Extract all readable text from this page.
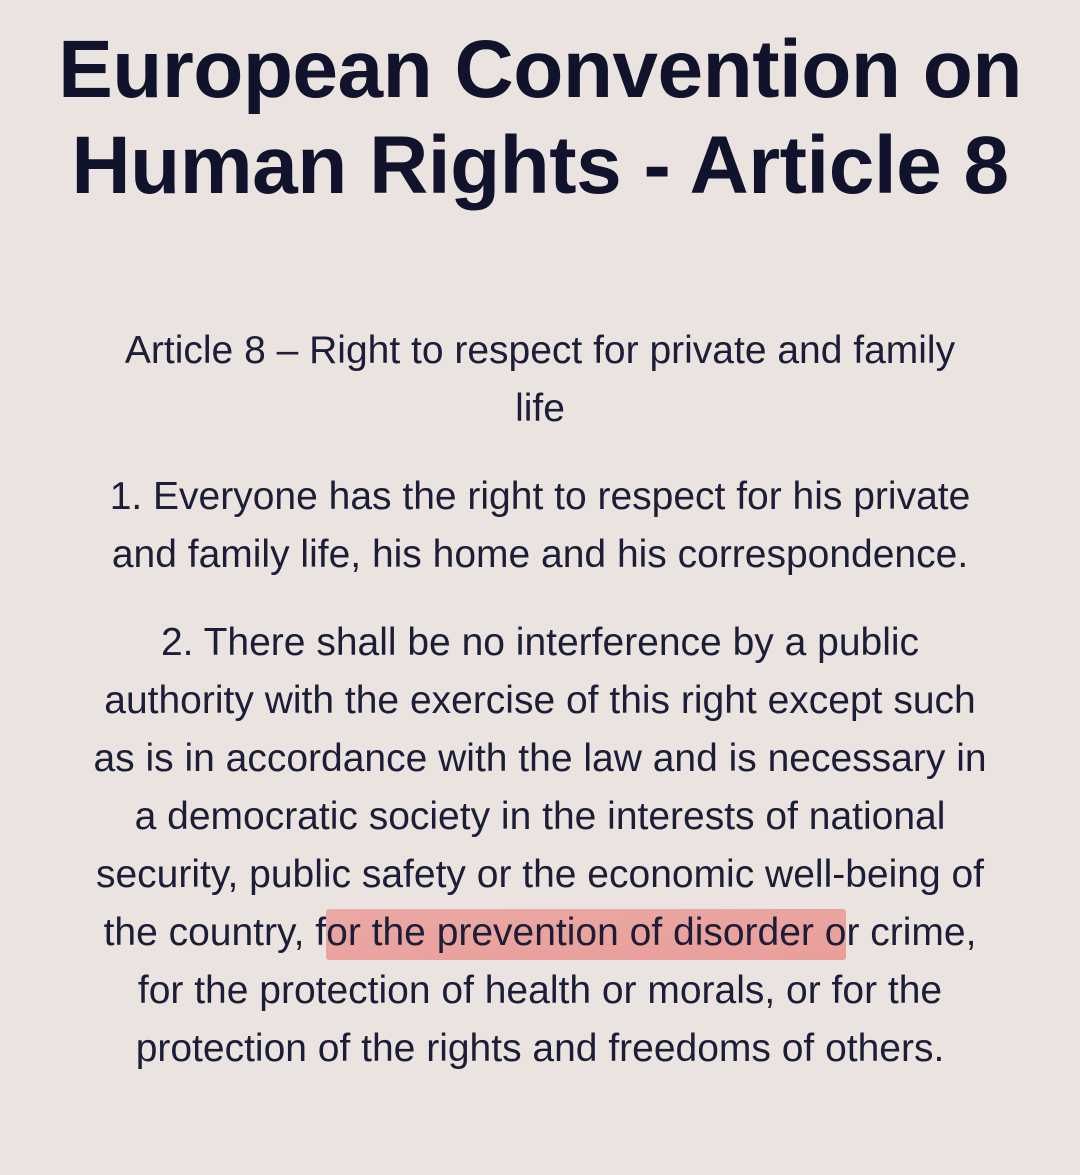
European Convention on
Human Rights - Article 8
Article 8 – Right to respect for private and family
life

1. Everyone has the right to respect for his private
and family life, his home and his correspondence.

2. There shall be no interference by a public
authority with the exercise of this right except such
as is in accordance with the law and is necessary in
a democratic society in the interests of national
security, public safety or the economic well-being of
the country, for the prevention of disorder or crime,
for the protection of health or morals, or for the
protection of the rights and freedoms of others.
